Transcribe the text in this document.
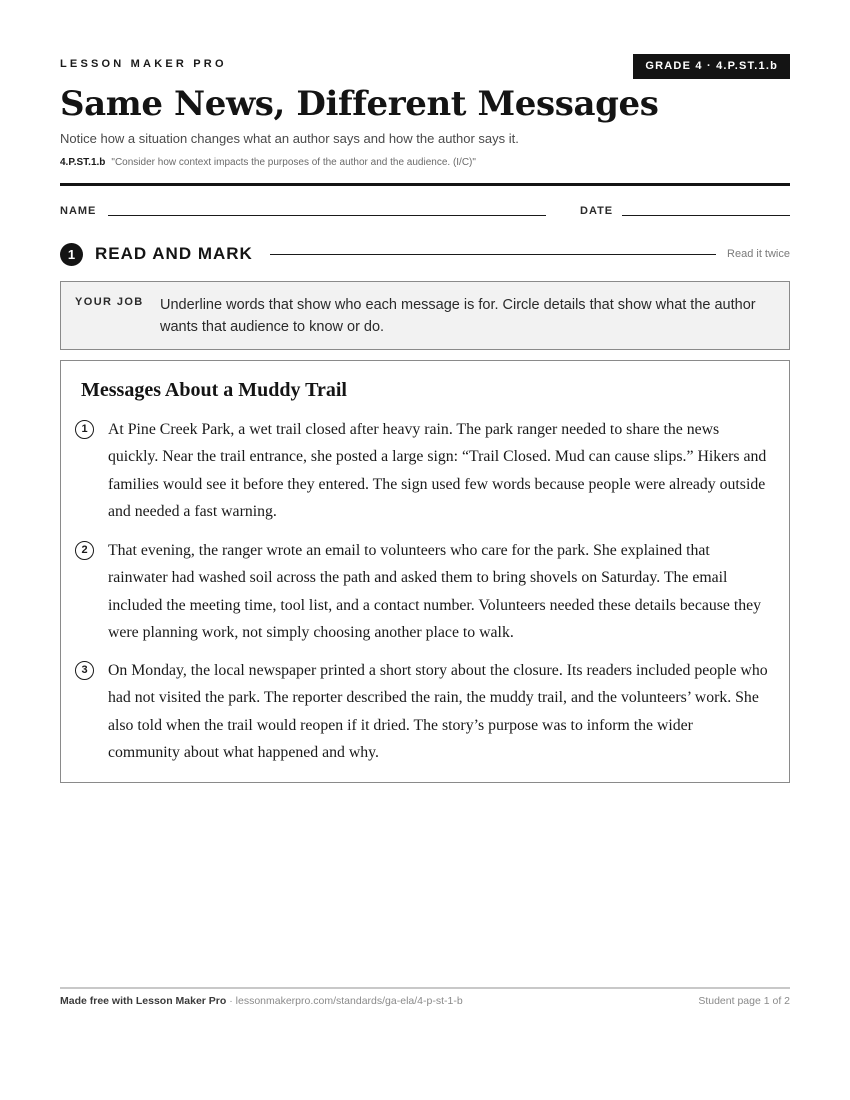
LESSON MAKER PRO	GRADE 4 · 4.P.ST.1.b
Same News, Different Messages
Notice how a situation changes what an author says and how the author says it.
4.P.ST.1.b "Consider how context impacts the purposes of the author and the audience. (I/C)"
NAME	DATE
1	READ AND MARK	Read it twice
YOUR JOB Underline words that show who each message is for. Circle details that show what the author wants that audience to know or do.
Messages About a Muddy Trail
1	At Pine Creek Park, a wet trail closed after heavy rain. The park ranger needed to share the news quickly. Near the trail entrance, she posted a large sign: “Trail Closed. Mud can cause slips.” Hikers and families would see it before they entered. The sign used few words because people were already outside and needed a fast warning.
2	That evening, the ranger wrote an email to volunteers who care for the park. She explained that rainwater had washed soil across the path and asked them to bring shovels on Saturday. The email included the meeting time, tool list, and a contact number. Volunteers needed these details because they were planning work, not simply choosing another place to walk.
3	On Monday, the local newspaper printed a short story about the closure. Its readers included people who had not visited the park. The reporter described the rain, the muddy trail, and the volunteers’ work. She also told when the trail would reopen if it dried. The story’s purpose was to inform the wider community about what happened and why.
Made free with Lesson Maker Pro · lessonmakerpro.com/standards/ga-ela/4-p-st-1-b	Student page 1 of 2
